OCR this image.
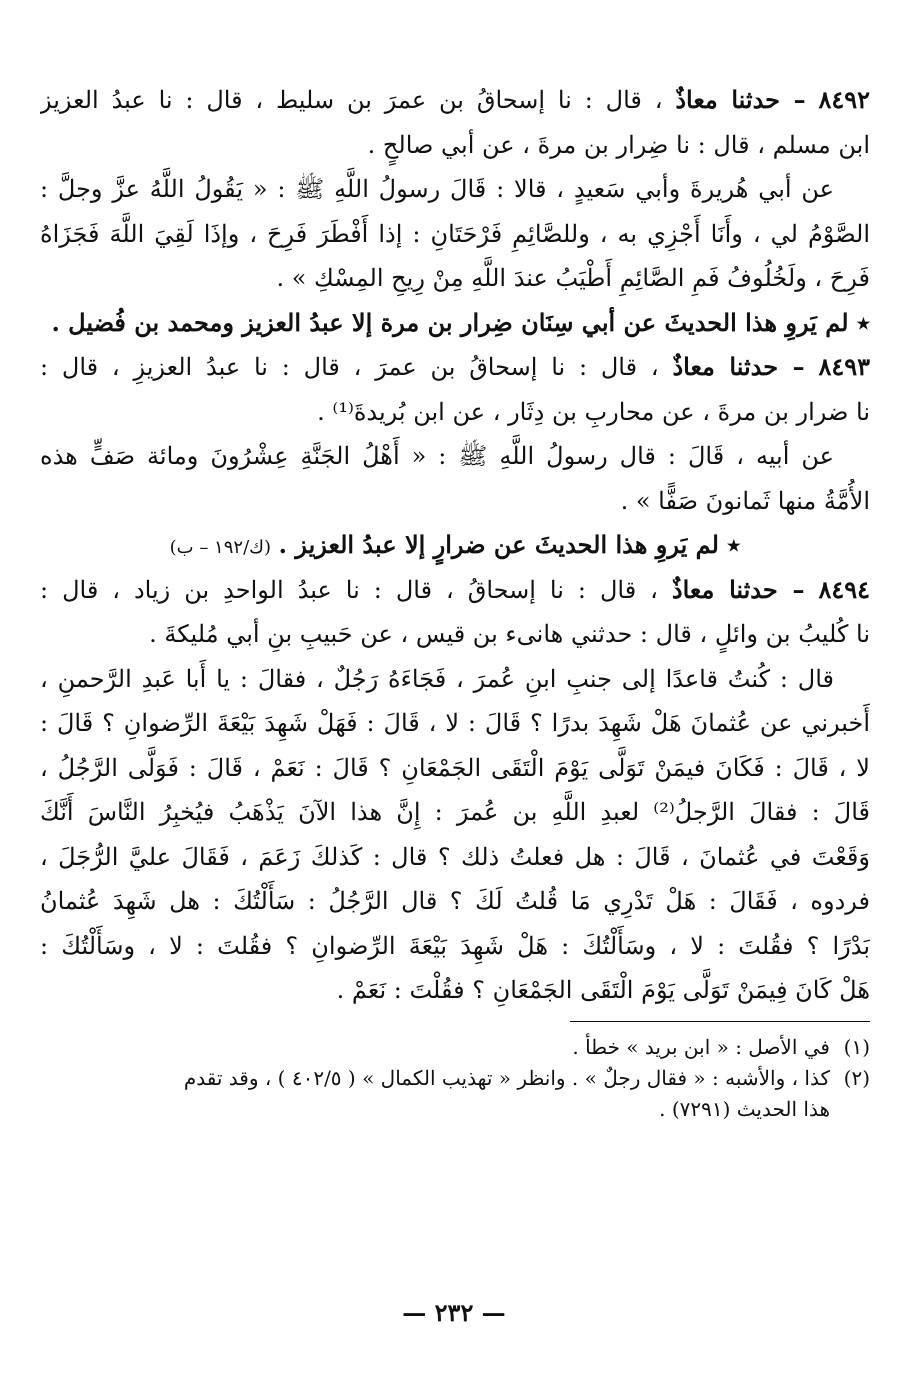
٨٤٩٢ – حدثنا معاذٌ ، قال : نا إسحاقُ بن عمرَ بن سليط ، قال : نا عبدُ العزيز
ابن مسلم ، قال : نا ضِرار بن مرةَ ، عن أبي صالحٍ .
عن أبي هُريرةَ وأبي سَعيدٍ ، قالا : قَالَ رسولُ اللَّهِ ﷺ : « يَقُولُ اللَّهُ عزَّ وجلَّ :
الصَّوْمُ لي ، وأَنَا أَجْزِي به ، وللصَّائِمِ فَرْحَتَانِ : إذا أَفْطَرَ فَرِحَ ، وإذَا لَقِيَ اللَّهَ فَجَزَاهُ
فَرِحَ ، ولَخُلُوفُ فَمِ الصَّائِمِ أَطْيَبُ عندَ اللَّهِ مِنْ رِيحِ المِسْكِ » .
٭ لم يَروِ هذا الحديثَ عن أبي سِنَان ضِرار بن مرة إلا عبدُ العزيز ومحمد بن فُضيل .
٨٤٩٣ – حدثنا معاذٌ ، قال : نا إسحاقُ بن عمرَ ، قال : نا عبدُ العزيزِ ، قال :
نا ضرار بن مرةَ ، عن محاربِ بن دِثَار ، عن ابن بُريدةَ⁽¹⁾ .
عن أبيه ، قَالَ : قال رسولُ اللَّهِ ﷺ : « أَهْلُ الجَنَّةِ عِشْرُونَ ومائة صَفٍّ هذه
الأُمَّةُ منها ثَمانونَ صَفًّا » .
٭ لم يَروِ هذا الحديثَ عن ضرارٍ إلا عبدُ العزيز . (ك/١٩٢ – ب)
٨٤٩٤ – حدثنا معاذٌ ، قال : نا إسحاقُ ، قال : نا عبدُ الواحدِ بن زياد ، قال :
نا كُليبُ بن وائلٍ ، قال : حدثني هانىء بن قيس ، عن حَبيبِ بنِ أبي مُليكةَ .
قال : كُنتُ قاعدًا إلى جنبِ ابنِ عُمرَ ، فَجَاءَهُ رَجُلٌ ، فقالَ : يا أَبا عَبدِ الرَّحمنِ ،
أَخبرني عن عُثمانَ هَلْ شَهِدَ بدرًا ؟ قَالَ : لا ، قَالَ : فَهَلْ شَهِدَ بَيْعَةَ الرِّضوانِ ؟ قَالَ :
لا ، قَالَ : فَكَانَ فيمَنْ تَوَلَّى يَوْمَ الْتَقَى الجَمْعَانِ ؟ قَالَ : نَعَمْ ، قَالَ : فَوَلَّى الرَّجُلُ ،
قَالَ : فقالَ الرَّجلُ⁽²⁾ لعبدِ اللَّهِ بن عُمرَ : إِنَّ هذا الآنَ يَذْهَبُ فيُخبِرُ النَّاسَ أَنَّكَ
وَقَعْتَ في عُثمانَ ، قَالَ : هل فعلتُ ذلك ؟ قال : كَذلكَ زَعَمَ ، فَقَالَ عليَّ الرُّجَلَ ،
فردوه ، فَقَالَ : هَلْ تَدْرِي مَا قُلتُ لَكَ ؟ قال الرَّجُلُ : سَأَلْتُكَ : هل شَهِدَ عُثمانُ
بَدْرًا ؟ فقُلتَ : لا ، وسَأَلْتُكَ : هَلْ شَهِدَ بَيْعَةَ الرِّضوانِ ؟ فقُلتَ : لا ، وسَأَلْتُكَ :
هَلْ كَانَ فِيمَنْ تَوَلَّى يَوْمَ الْتَقَى الجَمْعَانِ ؟ فقُلْتَ : نَعَمْ .
(١)في الأصل : « ابن بريد » خطأ .
(٢)كذا ، والأشبه : « فقال رجلٌ » . وانظر « تهذيب الكمال » ( ٤٠٢/٥ ) ، وقد تقدم
هذا الحديث (٧٢٩١) .
— ٢٣٢ —
